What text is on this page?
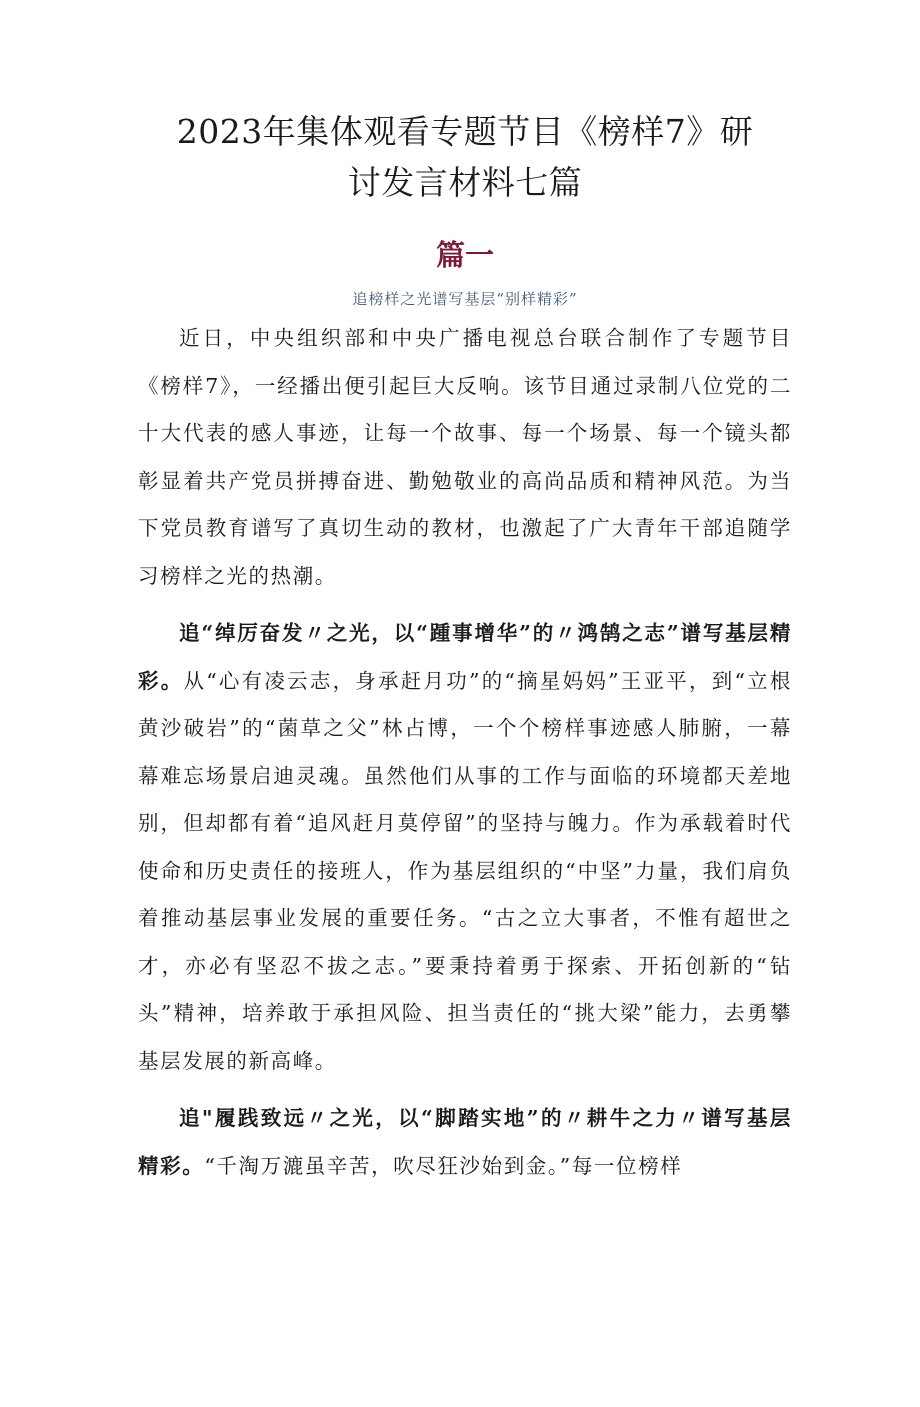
2023年集体观看专题节目《榜样7》研
讨发言材料七篇
篇一
追榜样之光谱写基层“别样精彩”

近日，中央组织部和中央广播电视总台联合制作了专题节目《榜样7》，一经播出便引起巨大反响。该节目通过录制八位党的二十大代表的感人事迹，让每一个故事、每一个场景、每一个镜头都彰显着共产党员拼搏奋进、勤勉敬业的高尚品质和精神风范。为当下党员教育谱写了真切生动的教材，也激起了广大青年干部追随学习榜样之光的热潮。

追“绰厉奋发〃之光，以“踵事增华”的〃鸿鹄之志”谱写基层精彩。从“心有凌云志，身承赶月功”的“摘星妈妈”王亚平，到“立根黄沙破岩”的“菌草之父”林占博，一个个榜样事迹感人肺腑，一幕幕难忘场景启迪灵魂。虽然他们从事的工作与面临的环境都天差地别，但却都有着“追风赶月莫停留”的坚持与魄力。作为承载着时代使命和历史责任的接班人，作为基层组织的“中坚”力量，我们肩负着推动基层事业发展的重要任务。“古之立大事者，不惟有超世之才，亦必有坚忍不拔之志。”要秉持着勇于探索、开拓创新的“钻头”精神，培养敢于承担风险、担当责任的“挑大梁”能力，去勇攀基层发展的新高峰。

追"履践致远〃之光，以“脚踏实地”的〃耕牛之力〃谱写基层精彩。“千淘万漉虽辛苦，吹尽狂沙始到金。”每一位榜样
